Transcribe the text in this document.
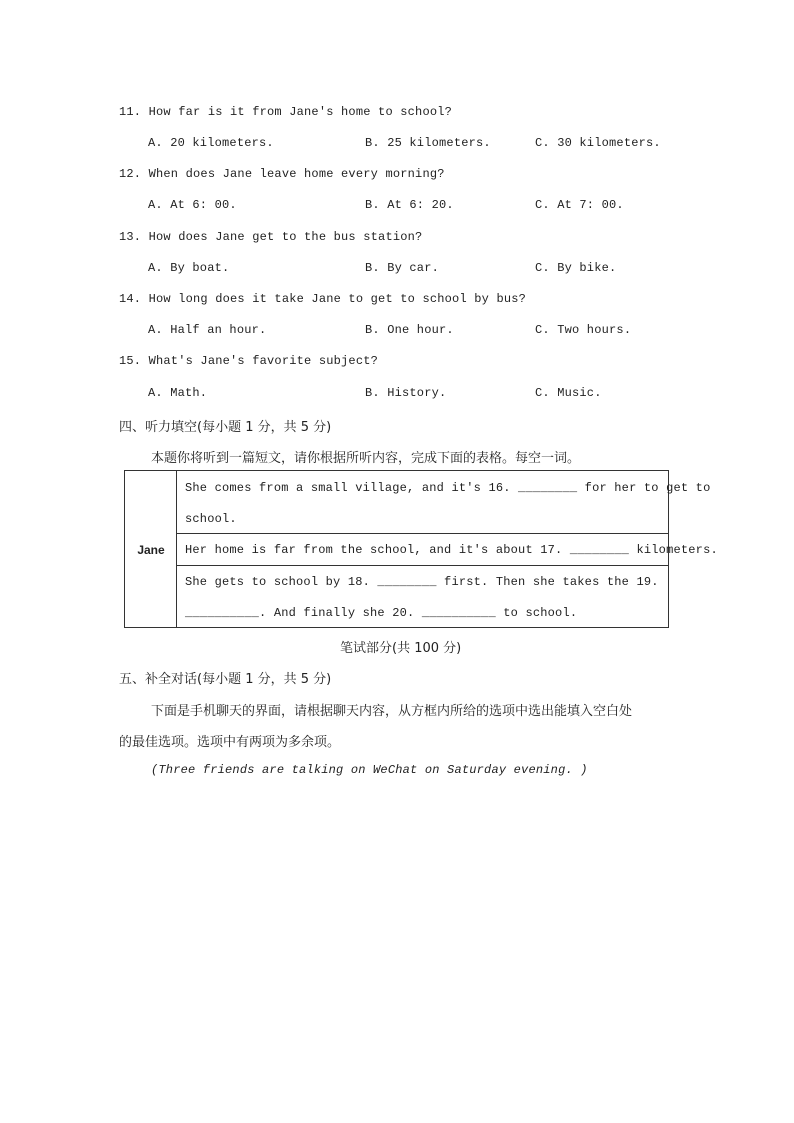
11. How far is it from Jane's home to school?
A. 20 kilometers.	B. 25 kilometers.	C. 30 kilometers.
12. When does Jane leave home every morning?
A. At 6: 00.	B. At 6: 20.	C. At 7: 00.
13. How does Jane get to the bus station?
A. By boat.	B. By car.	C. By bike.
14. How long does it take Jane to get to school by bus?
A. Half an hour.	B. One hour.	C. Two hours.
15. What's Jane's favorite subject?
A. Math.	B. History.	C. Music.
四、听力填空(每小题 1 分，共 5 分)
本题你将听到一篇短文，请你根据所听内容，完成下面的表格。每空一词。
Jane
She comes from a small village, and it's 16. ________ for her to get to
school.
Her home is far from the school, and it's about 17. ________ kilometers.
She gets to school by 18. ________ first. Then she takes the 19.
__________. And finally she 20. __________ to school.
笔试部分(共 100 分)
五、补全对话(每小题 1 分，共 5 分)
下面是手机聊天的界面，请根据聊天内容，从方框内所给的选项中选出能填入空白处
的最佳选项。选项中有两项为多余项。
(Three friends are talking on WeChat on Saturday evening. )
